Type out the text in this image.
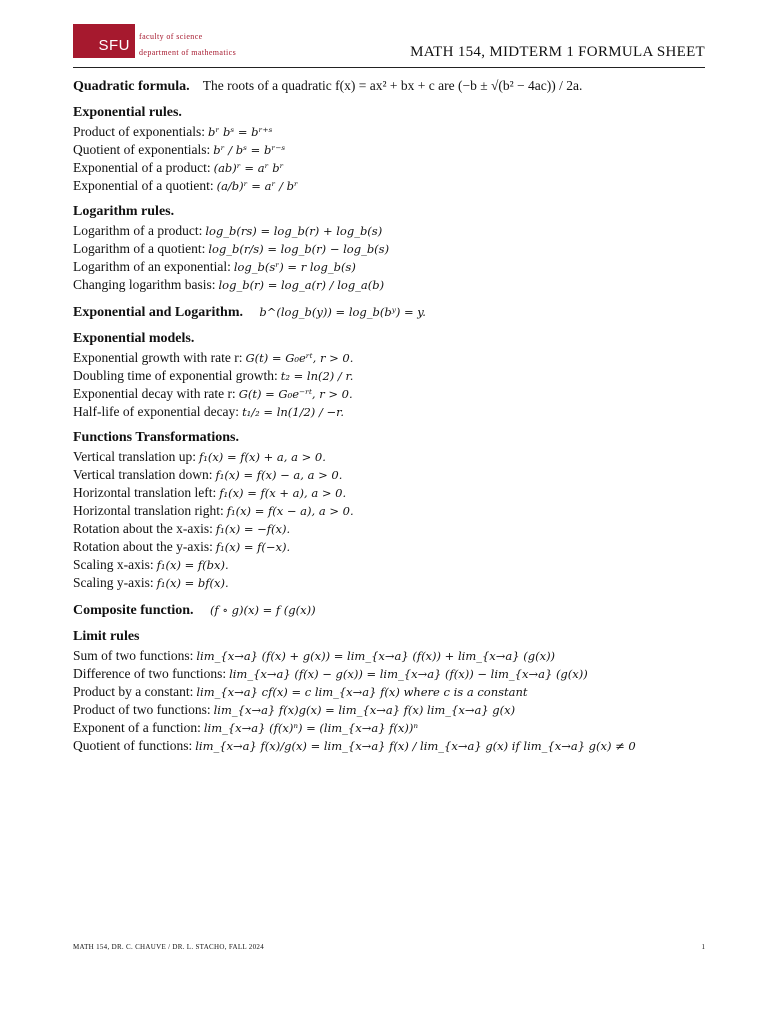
SFU
faculty of science
department of mathematics	MATH 154, MIDTERM 1 FORMULA SHEET
Quadratic formula. The roots of a quadratic f(x) = ax² + bx + c are (−b ± √(b² − 4ac)) / 2a.
Exponential rules.
Product of exponentials: bʳ bˢ = bʳ⁺ˢ
Quotient of exponentials: bʳ / bˢ = bʳ⁻ˢ
Exponential of a product: (ab)ʳ = aʳ bʳ
Exponential of a quotient: (a/b)ʳ = aʳ / bʳ
Logarithm rules.
Logarithm of a product: log_b(rs) = log_b(r) + log_b(s)
Logarithm of a quotient: log_b(r/s) = log_b(r) − log_b(s)
Logarithm of an exponential: log_b(sʳ) = r log_b(s)
Changing logarithm basis: log_b(r) = log_a(r) / log_a(b)
Exponential and Logarithm. b^(log_b(y)) = log_b(bʸ) = y.
Exponential models.
Exponential growth with rate r: G(t) = G₀eʳᵗ, r > 0.
Doubling time of exponential growth: t₂ = ln(2) / r.
Exponential decay with rate r: G(t) = G₀e⁻ʳᵗ, r > 0.
Half-life of exponential decay: t₁/₂ = ln(1/2) / −r.
Functions Transformations.
Vertical translation up: f₁(x) = f(x) + a, a > 0.
Vertical translation down: f₁(x) = f(x) − a, a > 0.
Horizontal translation left: f₁(x) = f(x + a), a > 0.
Horizontal translation right: f₁(x) = f(x − a), a > 0.
Rotation about the x-axis: f₁(x) = −f(x).
Rotation about the y-axis: f₁(x) = f(−x).
Scaling x-axis: f₁(x) = f(bx).
Scaling y-axis: f₁(x) = bf(x).
Composite function. (f ∘ g)(x) = f (g(x))
Limit rules
Sum of two functions: lim_{x→a} (f(x) + g(x)) = lim_{x→a} (f(x)) + lim_{x→a} (g(x))
Difference of two functions: lim_{x→a} (f(x) − g(x)) = lim_{x→a} (f(x)) − lim_{x→a} (g(x))
Product by a constant: lim_{x→a} cf(x) = c lim_{x→a} f(x) where c is a constant
Product of two functions: lim_{x→a} f(x)g(x) = lim_{x→a} f(x) lim_{x→a} g(x)
Exponent of a function: lim_{x→a} (f(x)ⁿ) = (lim_{x→a} f(x))ⁿ
Quotient of functions: lim_{x→a} f(x)/g(x) = lim_{x→a} f(x) / lim_{x→a} g(x) if lim_{x→a} g(x) ≠ 0
MATH 154, DR. C. CHAUVE / DR. L. STACHO, FALL 2024	1
